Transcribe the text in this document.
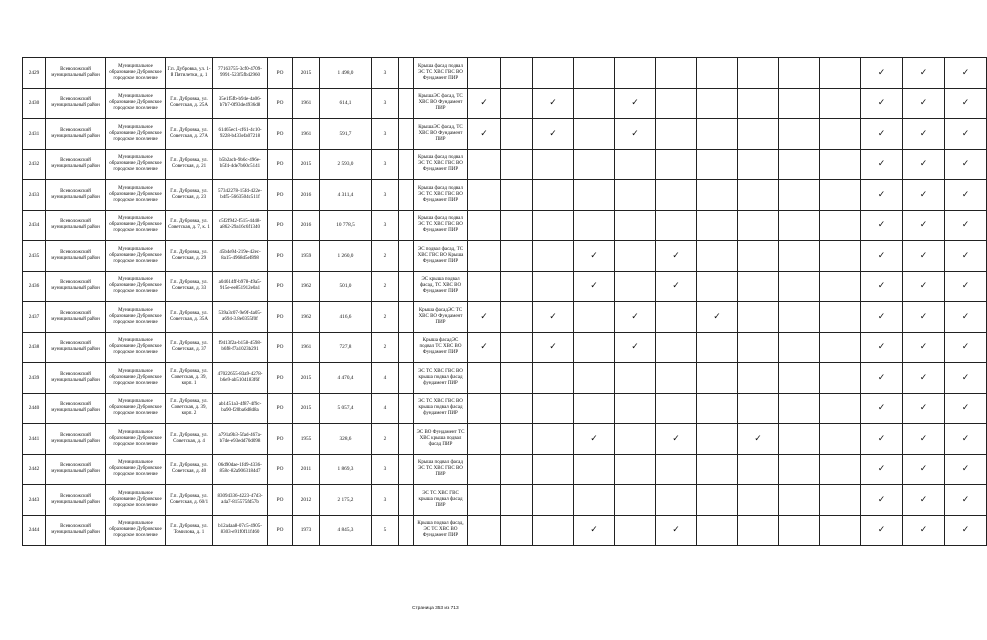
2429	Всеволожский муниципальный район	Муниципальное образование Дубровское городское поселение	Г.п. Дубровка, ул. 1-й Пятилетки, д. 1	77163755-3cf0-4709-9991-523f5fb42960	РО	2015	1 498,0	3		Крыша фасад подвал ЭС ТС ХВС ГВС ВО Фундамент ПИР											✓	✓	✓
2430	Всеволожский муниципальный район	Муниципальное образование Дубровское городское поселение	Г.п. Дубровка, ул. Советская, д. 25А	35e1f5fb-b94e-4a06-b7b7-0f93de4936d8	РО	1961	614,1	3		КрышаЭС фасад, ТС ХВС ВО Фундамент ПИР	✓		✓		✓						✓	✓	✓
2431	Всеволожский муниципальный район	Муниципальное образование Дубровское городское поселение	Г.п. Дубровка, ул. Советская, д. 27А	61465ec1-cf61-4c10-9228-b433efa07218	РО	1961	591,7	3		КрышаЭС фасад, ТС ХВС ВО Фундамент ПИР	✓		✓		✓						✓	✓	✓
2432	Всеволожский муниципальный район	Муниципальное образование Дубровское городское поселение	Г.п. Дубровка, ул. Советская, д. 21	b5b2acb-9b6c-496e-b5f4-4de7b60c5141	РО	2015	2 593,0	3		Крыша фасад подвал ЭС ТС ХВС ГВС ВО Фундамент ПИР											✓	✓	✓
2433	Всеволожский муниципальный район	Муниципальное образование Дубровское городское поселение	Г.п. Дубровка, ул. Советская, д. 23	57342278-15fd-422e-b4f5-5663504c511f	РО	2016	4 311,4	3		Крыша фасад подвал ЭС ТС ХВС ГВС ВО Фундамент ПИР											✓	✓	✓
2434	Всеволожский муниципальный район	Муниципальное образование Дубровское городское поселение	Г.п. Дубровка, ул. Советская, д. 7, к. 1	c5f2f942-f515-4448-a862-29a16c6f1340	РО	2016	10 778,5	3		Крыша фасад подвал ЭС ТС ХВС ГВС ВО Фундамент ПИР											✓	✓	✓
2435	Всеволожский муниципальный район	Муниципальное образование Дубровское городское поселение	Г.п. Дубровка, ул. Советская, д. 29	45b4e94-219e-42ec-8a15-4968d5ef898	РО	1959	1 260,0	2		ЭС подвал фасад, ТС ХВС ГВС ВО Крыша Фундамент ПИР				✓		✓					✓	✓	✓
2436	Всеволожский муниципальный район	Муниципальное образование Дубровское городское поселение	Г.п. Дубровка, ул. Советская, д. 33	a04614ff-b978-49a5-915e-ee851912e0a1	РО	1962	501,0	2		ЭС крыша подвал фасад, ТС ХВС ВО Фундамент ПИР				✓		✓					✓	✓	✓
2437	Всеволожский муниципальный район	Муниципальное образование Дубровское городское поселение	Г.п. Дубровка, ул. Советская, д. 35А	539a3c07-9e9f-4a05-a694-3.8e0355f0f	РО	1962	416,6	2		Крыша фасадЭС ТС ХВС ВО Фундамент ПИР	✓		✓		✓		✓				✓	✓	✓
2438	Всеволожский муниципальный район	Муниципальное образование Дубровское городское поселение	Г.п. Дубровка, ул. Советская, д. 37	f9413f2a-b158-4598-b6f8-f7a1023b291	РО	1961	727,8	2		Крыша фасадЭС подвал ТС ХВС ВО Фундамент ПИР	✓		✓		✓						✓	✓	✓
2439	Всеволожский муниципальный район	Муниципальное образование Дубровское городское поселение	Г.п. Дубровка, ул. Советская, д. 39, корп. 1	47022655-83a9-4278-b6e9-ab5104183f6f	РО	2015	4 470,4	4		ЭС ТС ХВС ГВС ВО крыша подвал фасад фундамент ПИР											✓	✓	✓
2440	Всеволожский муниципальный район	Муниципальное образование Дубровское городское поселение	Г.п. Дубровка, ул. Советская, д. 39, корп. 2	ab1451a3-4f87-4f9c-ba90-f20ba6d8d8a	РО	2015	5 057,4	4		ЭС ТС ХВС ГВС ВО крыша подвал фасад фундамент ПИР											✓	✓	✓
2441	Всеволожский муниципальный район	Муниципальное образование Дубровское городское поселение	Г.п. Дубровка, ул. Советская, д. 4	a791a9b3-5fad-467a-b7de-e93edd70d098	РО	1955	328,6	2		ЭС ВО Фундамент ТС ХВС крыша подвал фасад ПИР				✓		✓		✓			✓	✓	✓
2442	Всеволожский муниципальный район	Муниципальное образование Дубровское городское поселение	Г.п. Дубровка, ул. Советская, д. 40	06d90dae-1fd9-4336-858c-82a9063184d7	РО	2011	1 869,3	3		Крыша подвал фасад ЭС ТС ХВС ГВС ВО ПИР											✓	✓	✓
2443	Всеволожский муниципальный район	Муниципальное образование Дубровское городское поселение	Г.п. Дубровка, ул. Советская, д. 60/1	83094336-4223-47d3-a4a7-815575fd57b	РО	2012	2 175,2	3		ЭС ТС ХВС ГВС крыша подвал фасад ПИР											✓	✓	✓
2444	Всеволожский муниципальный район	Муниципальное образование Дубровское городское поселение	Г.п. Дубровка, ул. Томилова, д. 1	b12a4aa8-07c5-4905-8303-e91f0f11f460	РО	1973	4 845,3	5		Крыша подвал фасад, ЭС ТС ХВС ВО Фундамент ПИР				✓		✓					✓	✓	✓
Страница 353 из 713
